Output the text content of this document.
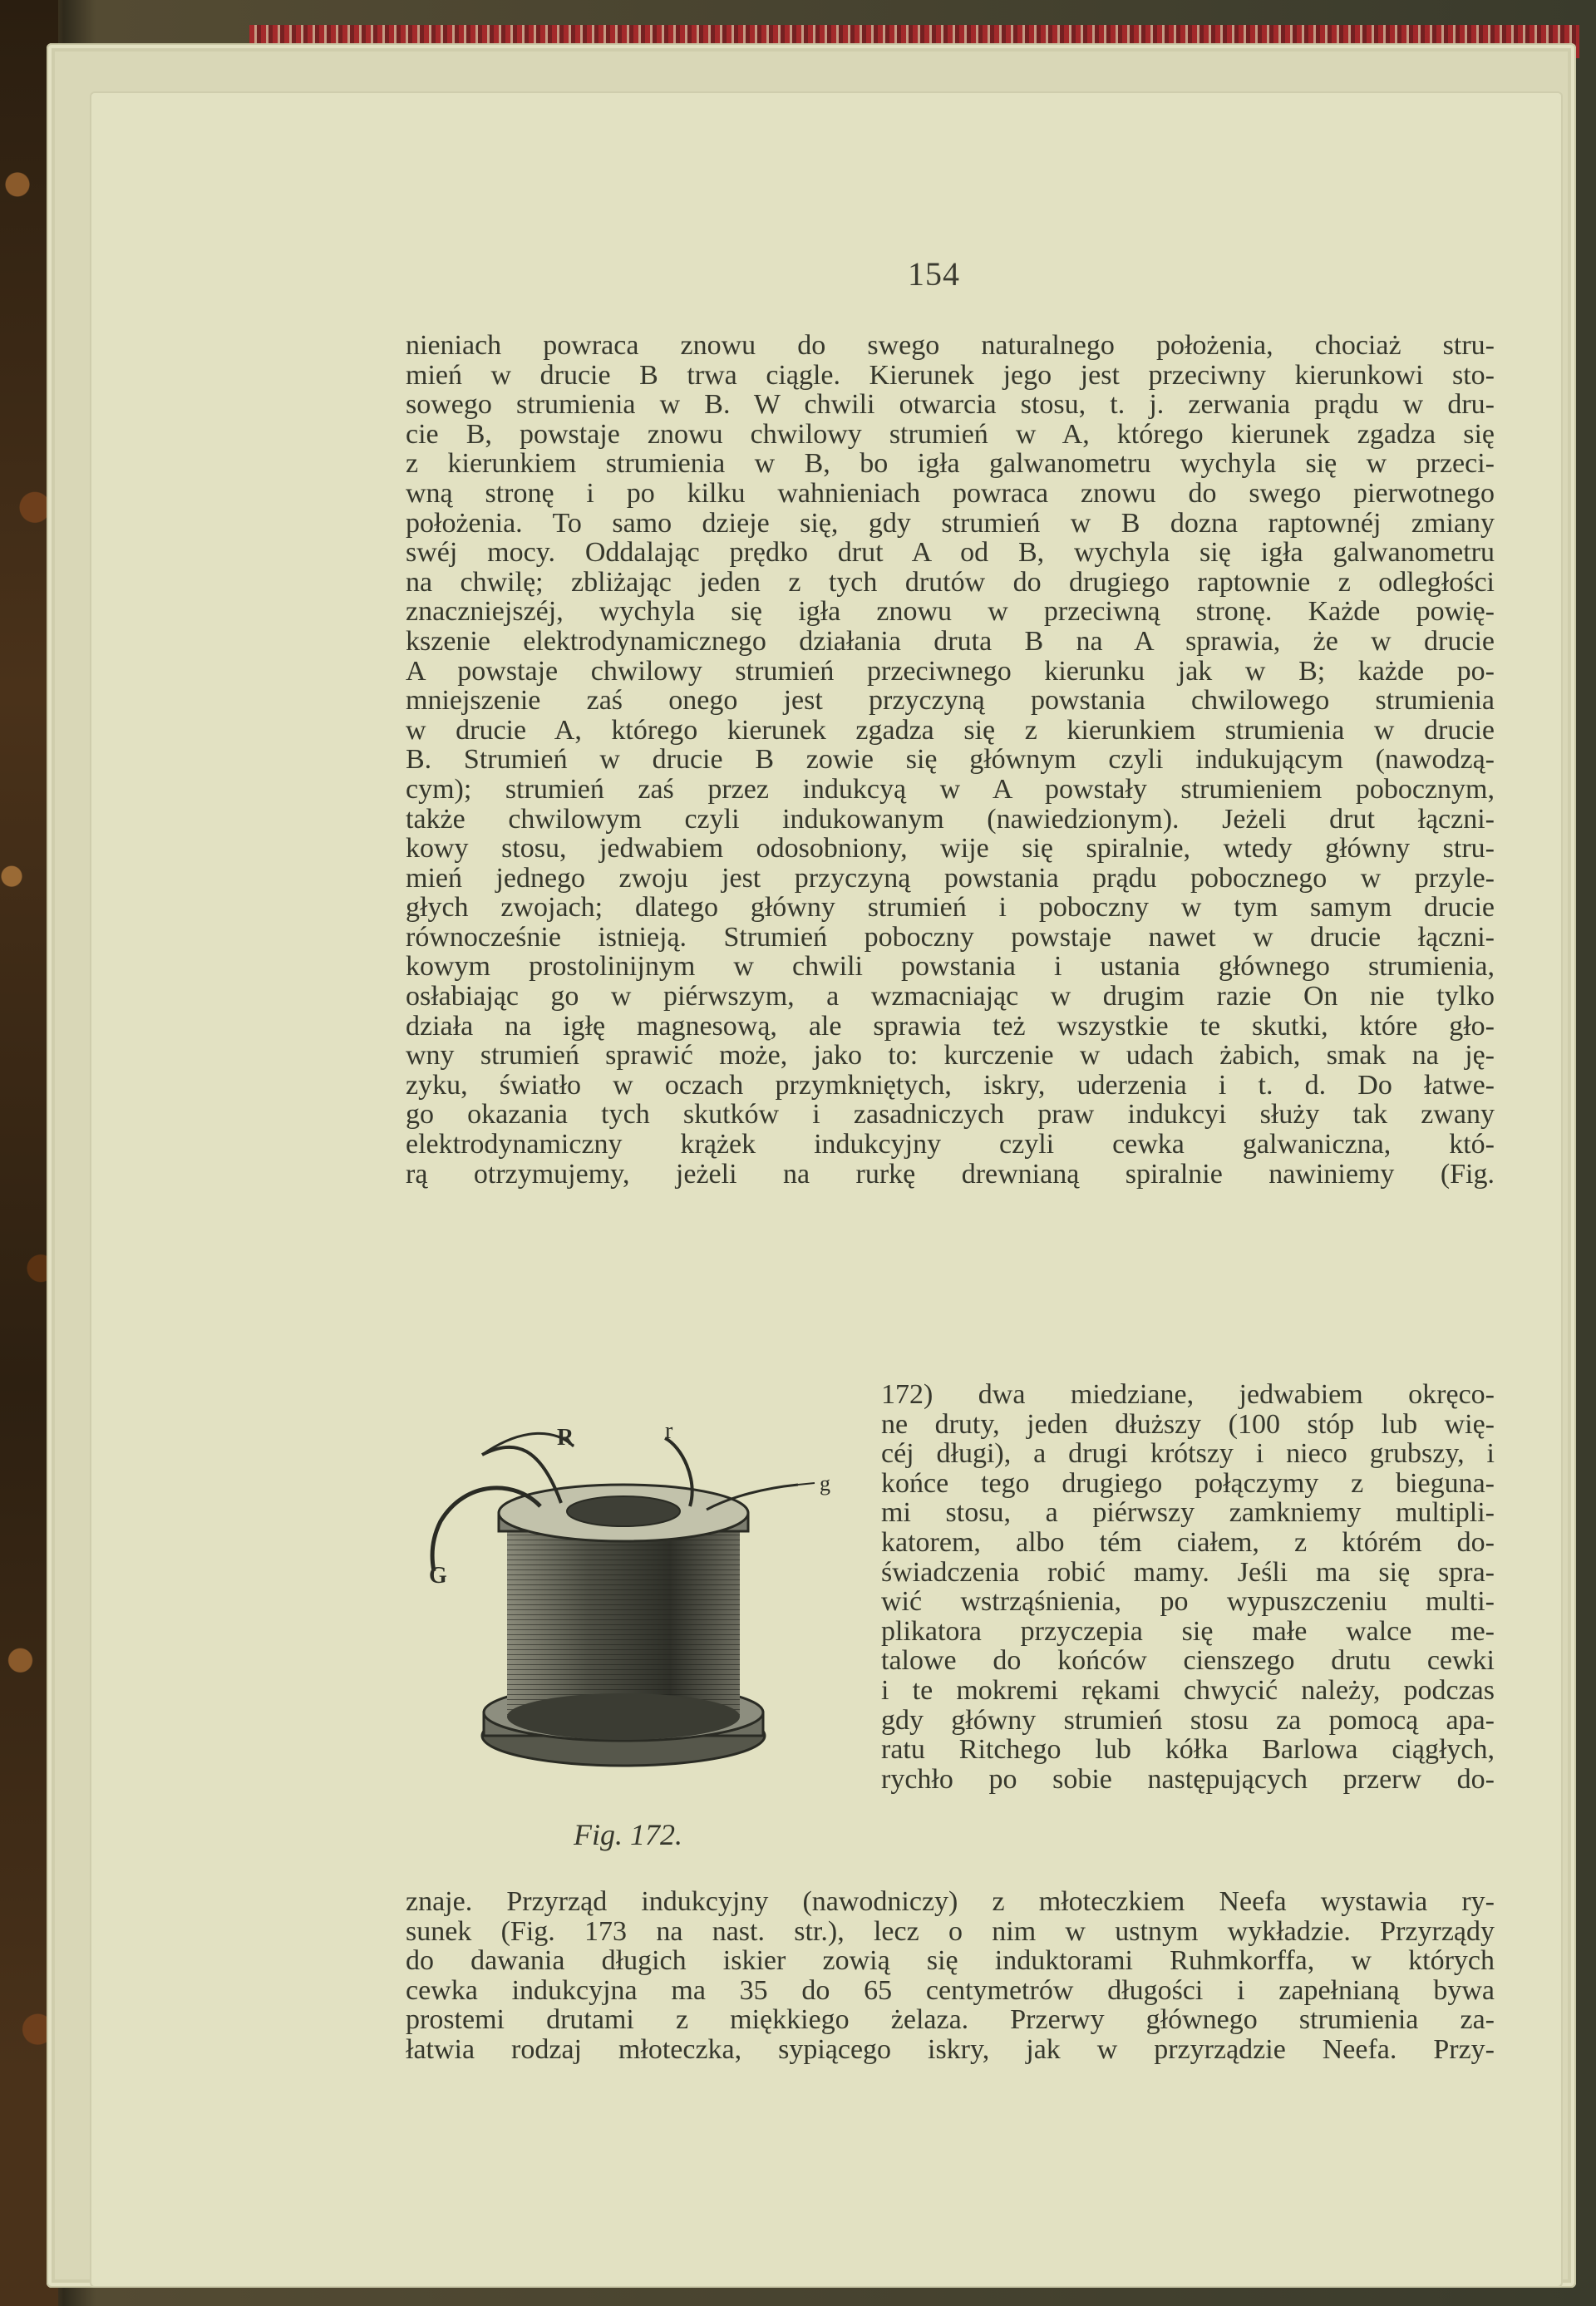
154
nieniach powraca znowu do swego naturalnego położenia, chociaż stru-
mień w drucie B trwa ciągle. Kierunek jego jest przeciwny kierunkowi sto-
sowego strumienia w B. W chwili otwarcia stosu, t. j. zerwania prądu w dru-
cie B, powstaje znowu chwilowy strumień w A, którego kierunek zgadza się
z kierunkiem strumienia w B, bo igła galwanometru wychyla się w przeci-
wną stronę i po kilku wahnieniach powraca znowu do swego pierwotnego
położenia. To samo dzieje się, gdy strumień w B dozna raptownéj zmiany
swéj mocy. Oddalając prędko drut A od B, wychyla się igła galwanometru
na chwilę; zbliżając jeden z tych drutów do drugiego raptownie z odległości
znaczniejszéj, wychyla się igła znowu w przeciwną stronę. Każde powię-
kszenie elektrodynamicznego działania druta B na A sprawia, że w drucie
A powstaje chwilowy strumień przeciwnego kierunku jak w B; każde po-
mniejszenie zaś onego jest przyczyną powstania chwilowego strumienia
w drucie A, którego kierunek zgadza się z kierunkiem strumienia w drucie
B. Strumień w drucie B zowie się głównym czyli indukującym (nawodzą-
cym); strumień zaś przez indukcyą w A powstały strumieniem pobocznym,
także chwilowym czyli indukowanym (nawiedzionym). Jeżeli drut łączni-
kowy stosu, jedwabiem odosobniony, wije się spiralnie, wtedy główny stru-
mień jednego zwoju jest przyczyną powstania prądu pobocznego w przyle-
głych zwojach; dlatego główny strumień i poboczny w tym samym drucie
równocześnie istnieją. Strumień poboczny powstaje nawet w drucie łączni-
kowym prostolinijnym w chwili powstania i ustania głównego strumienia,
osłabiając go w piérwszym, a wzmacniając w drugim razie On nie tylko
działa na igłę magnesową, ale sprawia też wszystkie te skutki, które gło-
wny strumień sprawić może, jako to: kurczenie w udach żabich, smak na ję-
zyku, światło w oczach przymkniętych, iskry, uderzenia i t. d. Do łatwe-
go okazania tych skutków i zasadniczych praw indukcyi służy tak zwany
elektrodynamiczny krążek indukcyjny czyli cewka galwaniczna, któ-
rą otrzymujemy, jeżeli na rurkę drewnianą spiralnie nawiniemy (Fig.
R	r
g
G
Fig. 172.
172) dwa miedziane, jedwabiem okręco-
ne druty, jeden dłuższy (100 stóp lub wię-
céj długi), a drugi krótszy i nieco grubszy, i
końce tego drugiego połączymy z bieguna-
mi stosu, a piérwszy zamkniemy multipli-
katorem, albo tém ciałem, z którém do-
świadczenia robić mamy. Jeśli ma się spra-
wić wstrząśnienia, po wypuszczeniu multi-
plikatora przyczepia się małe walce me-
talowe do końców cienszego drutu cewki
i te mokremi rękami chwycić należy, podczas
gdy główny strumień stosu za pomocą apa-
ratu Ritchego lub kółka Barlowa ciągłych,
rychło po sobie następujących przerw do-
znaje. Przyrząd indukcyjny (nawodniczy) z młoteczkiem Neefa wystawia ry-
sunek (Fig. 173 na nast. str.), lecz o nim w ustnym wykładzie. Przyrządy
do dawania długich iskier zowią się induktorami Ruhmkorffa, w których
cewka indukcyjna ma 35 do 65 centymetrów długości i zapełnianą bywa
prostemi drutami z miękkiego żelaza. Przerwy głównego strumienia za-
łatwia rodzaj młoteczka, sypiącego iskry, jak w przyrządzie Neefa. Przy-
